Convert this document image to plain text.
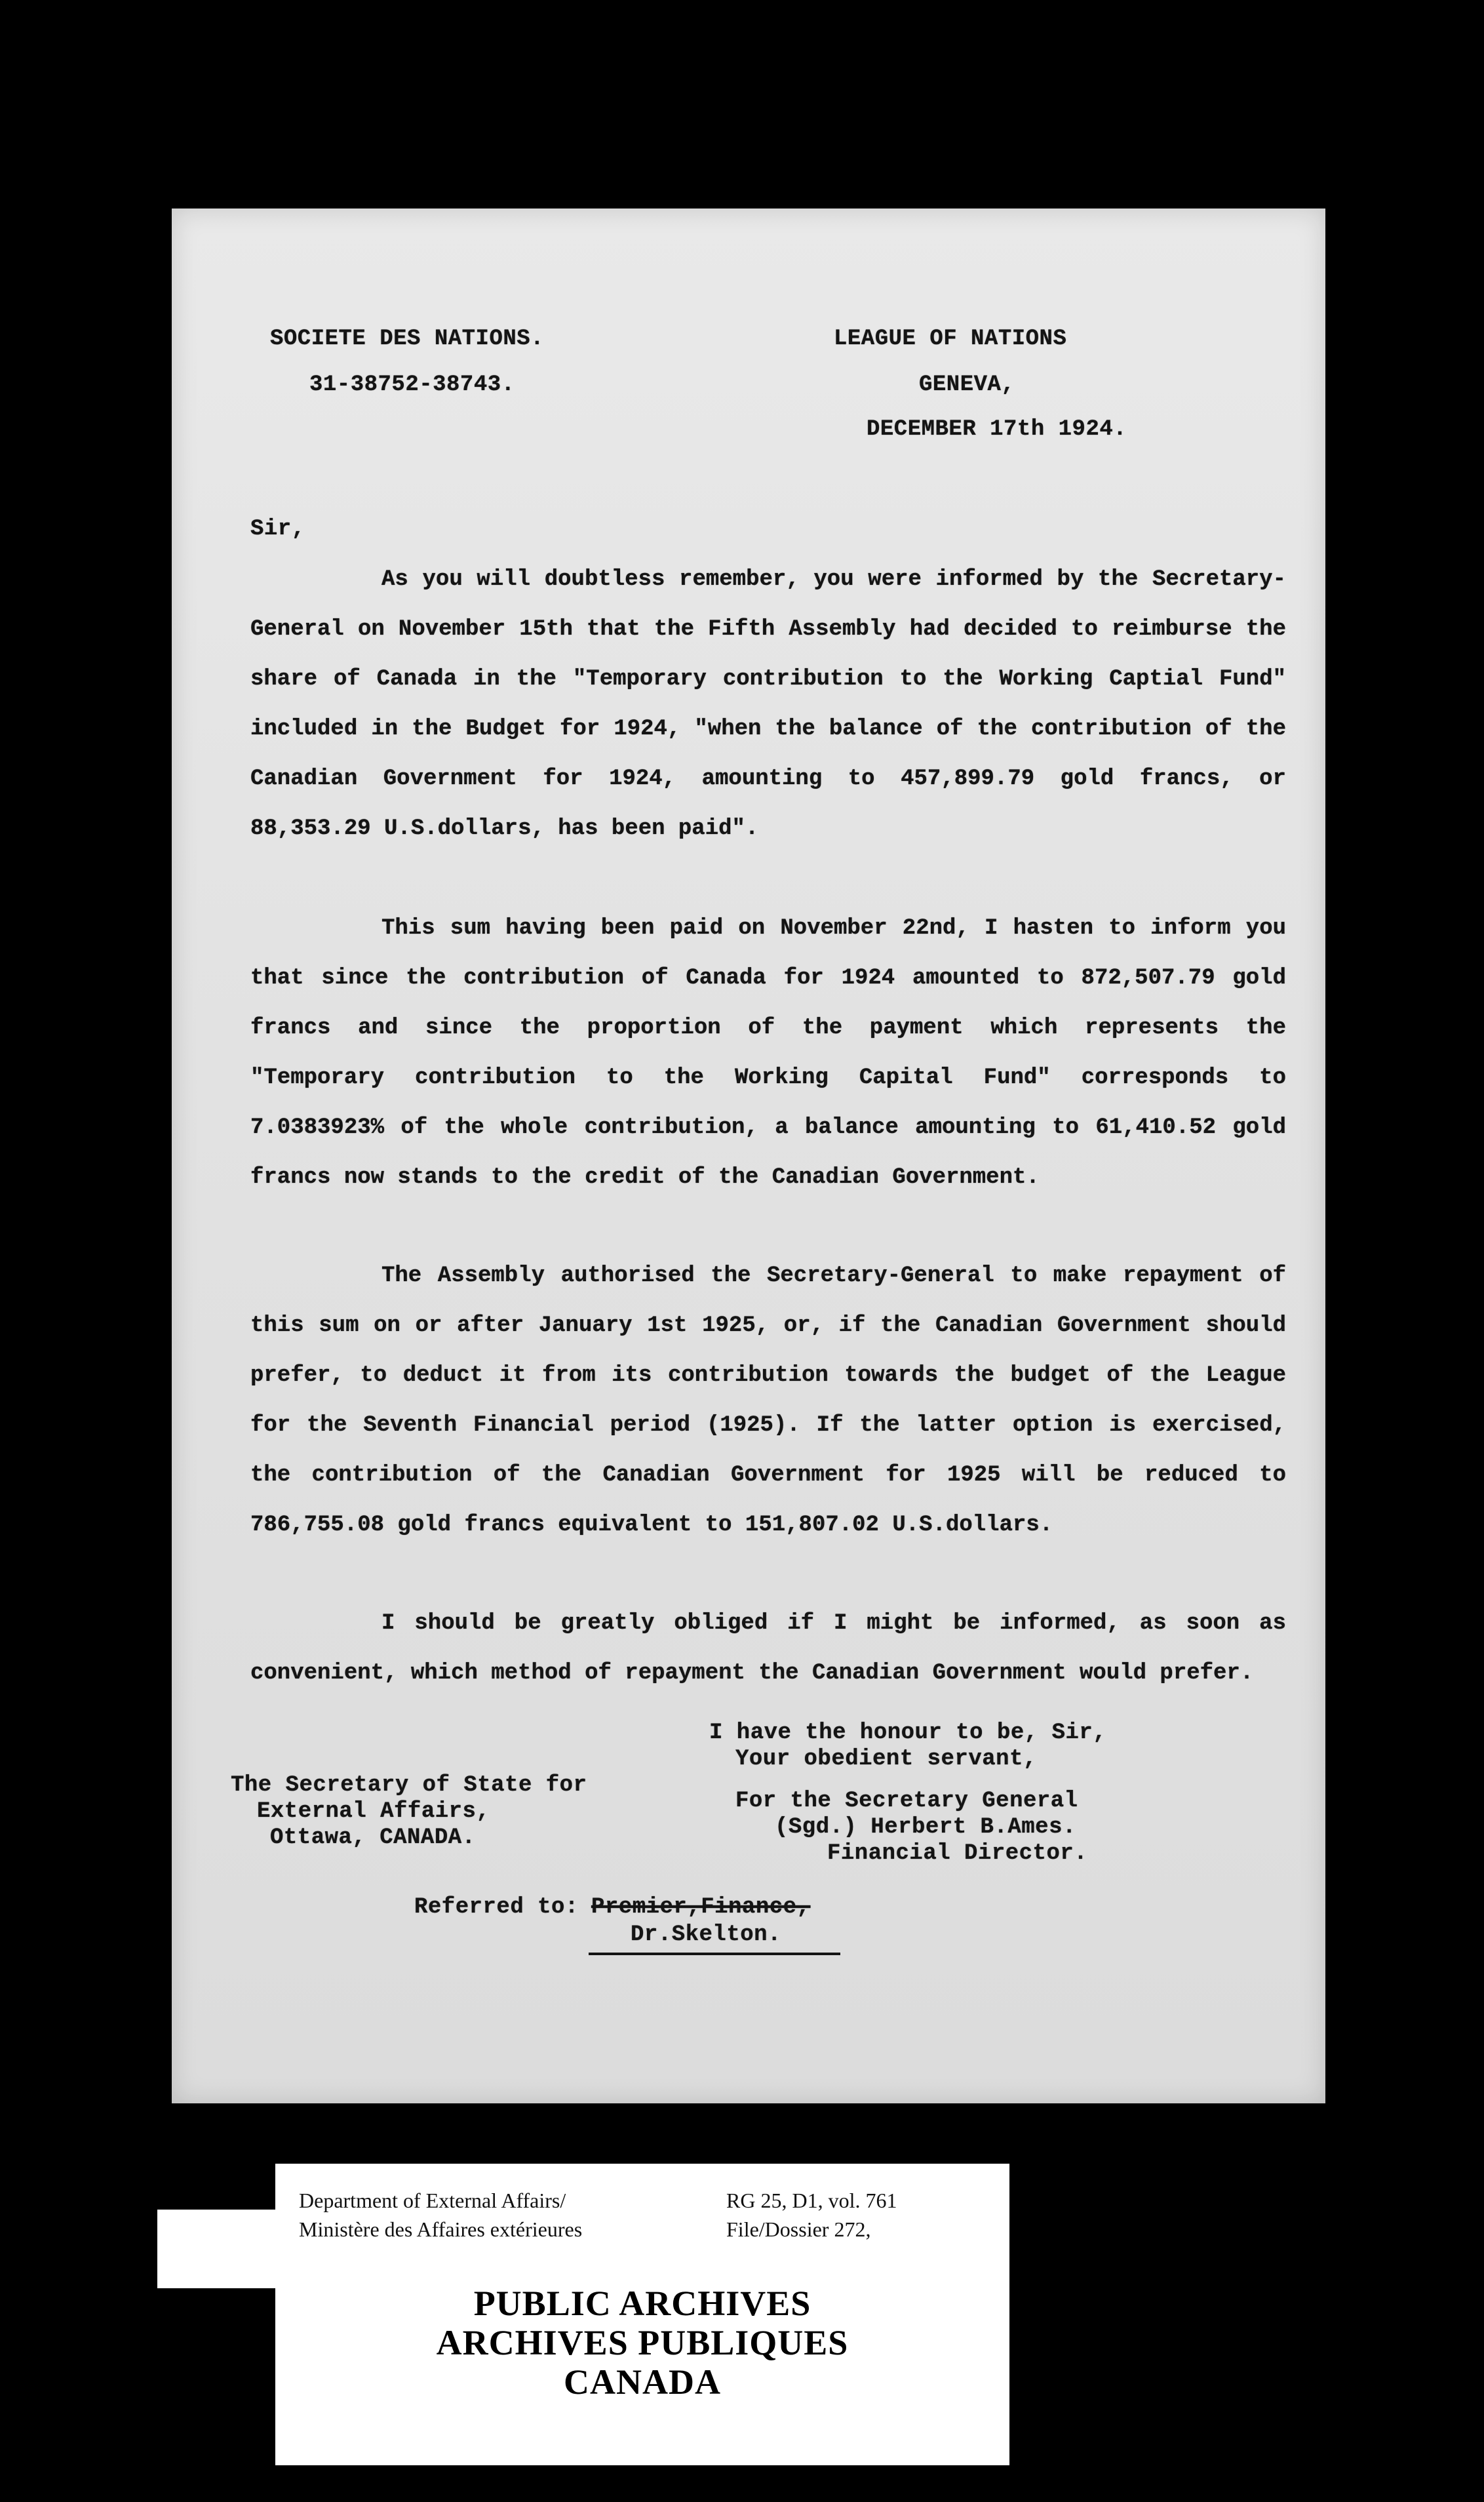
SOCIETE DES NATIONS.
31-38752-38743.
LEAGUE OF NATIONS
GENEVA,
DECEMBER 17th 1924.
Sir,
As you will doubtless remember, you were informed by the Secretary-General on November 15th that the Fifth Assembly had decided to reimburse the share of Canada in the "Temporary contribution to the Working Captial Fund" included in the Budget for 1924, "when the balance of the contribution of the Canadian Government for 1924, amounting to 457,899.79 gold francs, or 88,353.29 U.S.dollars, has been paid".
This sum having been paid on November 22nd, I hasten to inform you that since the contribution of Canada for 1924 amounted to 872,507.79 gold francs and since the proportion of the payment which represents the "Temporary contribution to the Working Capital Fund" corresponds to 7.0383923% of the whole contribution, a balance amounting to 61,410.52 gold francs now stands to the credit of the Canadian Government.
The Assembly authorised the Secretary-General to make repayment of this sum on or after January 1st 1925, or, if the Canadian Government should prefer, to deduct it from its contribution towards the budget of the League for the Seventh Financial period (1925). If the latter option is exercised, the contribution of the Canadian Government for 1925 will be reduced to 786,755.08 gold francs equivalent to 151,807.02 U.S.dollars.
I should be greatly obliged if I might be informed, as soon as convenient, which method of repayment the Canadian Government would prefer.
I have the honour to be, Sir,
Your obedient servant,
The Secretary of State for
External Affairs,
Ottawa, CANADA.
For the Secretary General
(Sgd.) Herbert B.Ames.
Financial Director.
Referred to: Premier,Finance,
Dr.Skelton.
Department of External Affairs/
Ministère des Affaires extérieures
RG 25, D1, vol. 761
File/Dossier 272,
PUBLIC ARCHIVES
ARCHIVES PUBLIQUES
CANADA
